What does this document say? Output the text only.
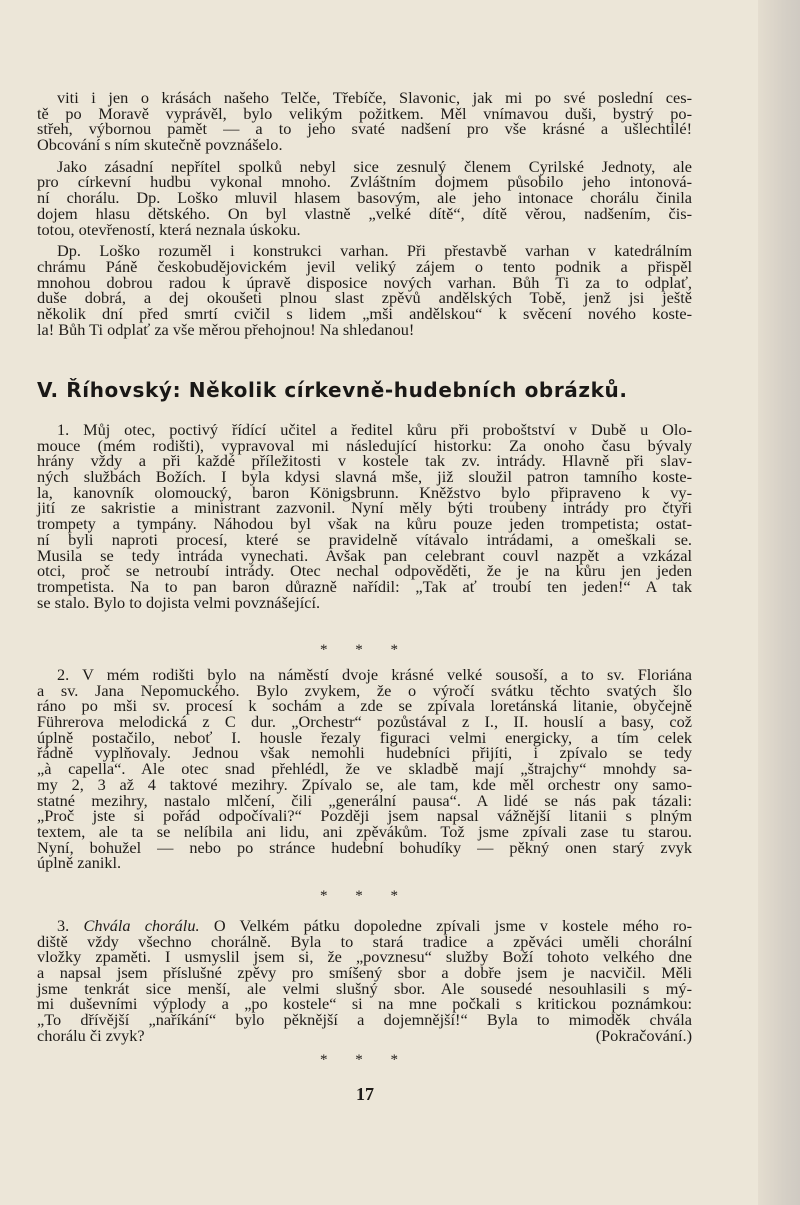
viti i jen o krásách našeho Telče, Třebíče, Slavonic, jak mi po své poslední ces-
tě po Moravě vyprávěl, bylo velikým požitkem. Měl vnímavou duši, bystrý po-
střeh, výbornou pamět — a to jeho svaté nadšení pro vše krásné a ušlechtilé!
Obcování s ním skutečně povznášelo.
Jako zásadní nepřítel spolků nebyl sice zesnulý členem Cyrilské Jednoty, ale
pro církevní hudbu vykonal mnoho. Zvláštním dojmem působilo jeho intonová-
ní chorálu. Dp. Loško mluvil hlasem basovým, ale jeho intonace chorálu činila
dojem hlasu dětského. On byl vlastně „velké dítě“, dítě věrou, nadšením, čis-
totou, otevřeností, která neznala úskoku.
Dp. Loško rozuměl i konstrukci varhan. Při přestavbě varhan v katedrálním
chrámu Páně českobudějovickém jevil veliký zájem o tento podnik a přispěl
mnohou dobrou radou k úpravě disposice nových varhan. Bůh Ti za to odplať,
duše dobrá, a dej okoušeti plnou slast zpěvů andělských Tobě, jenž jsi ještě
několik dní před smrtí cvičil s lidem „mši andělskou“ k svěcení nového koste-
la! Bůh Ti odplať za vše měrou přehojnou! Na shledanou!
V. Říhovský: Několik církevně-hudebních obrázků.
1. Můj otec, poctivý řídící učitel a ředitel kůru při proboštství v Dubě u Olo-
mouce (mém rodišti), vypravoval mi následující historku: Za onoho času bývaly
hrány vždy a při každé příležitosti v kostele tak zv. intrády. Hlavně při slav-
ných službách Božích. I byla kdysi slavná mše, již sloužil patron tamního koste-
la, kanovník olomoucký, baron Königsbrunn. Kněžstvo bylo připraveno k vy-
jití ze sakristie a ministrant zazvonil. Nyní měly býti troubeny intrády pro čtyři
trompety a tympány. Náhodou byl však na kůru pouze jeden trompetista; ostat-
ní byli naproti procesí, které se pravidelně vítávalo intrádami, a omeškali se.
Musila se tedy intráda vynechati. Avšak pan celebrant couvl nazpět a vzkázal
otci, proč se netroubí intrády. Otec nechal odpověděti, že je na kůru jen jeden
trompetista. Na to pan baron důrazně nařídil: „Tak ať troubí ten jeden!“ A tak
se stalo. Bylo to dojista velmi povznášející.
* * *
2. V mém rodišti bylo na náměstí dvoje krásné velké sousoší, a to sv. Floriána
a sv. Jana Nepomuckého. Bylo zvykem, že o výročí svátku těchto svatých šlo
ráno po mši sv. procesí k sochám a zde se zpívala loretánská litanie, obyčejně
Führerova melodická z C dur. „Orchestr“ pozůstával z I., II. houslí a basy, což
úplně postačilo, neboť I. housle řezaly figuraci velmi energicky, a tím celek
řádně vyplňovaly. Jednou však nemohli hudebníci přijíti, i zpívalo se tedy
„à capella“. Ale otec snad přehlédl, že ve skladbě mají „štrajchy“ mnohdy sa-
my 2, 3 až 4 taktové mezihry. Zpívalo se, ale tam, kde měl orchestr ony samo-
statné mezihry, nastalo mlčení, čili „generální pausa“. A lidé se nás pak tázali:
„Proč jste si pořád odpočívali?“ Později jsem napsal vážnější litanii s plným
textem, ale ta se nelíbila ani lidu, ani zpěvákům. Tož jsme zpívali zase tu starou.
Nyní, bohužel — nebo po stránce hudební bohudíky — pěkný onen starý zvyk
úplně zanikl.
* * *
3. Chvála chorálu. O Velkém pátku dopoledne zpívali jsme v kostele mého ro-
diště vždy všechno chorálně. Byla to stará tradice a zpěváci uměli chorální
vložky zpaměti. I usmyslil jsem si, že „povznesu“ služby Boží tohoto velkého dne
a napsal jsem příslušné zpěvy pro smíšený sbor a dobře jsem je nacvičil. Měli
jsme tenkrát sice menší, ale velmi slušný sbor. Ale sousedé nesouhlasili s mý-
mi duševními výplody a „po kostele“ si na mne počkali s kritickou poznámkou:
„To dřívější „naříkání“ bylo pěknější a dojemnější!“ Byla to mimoděk chvála
chorálu či zvyk?	(Pokračování.)
* * *
17
